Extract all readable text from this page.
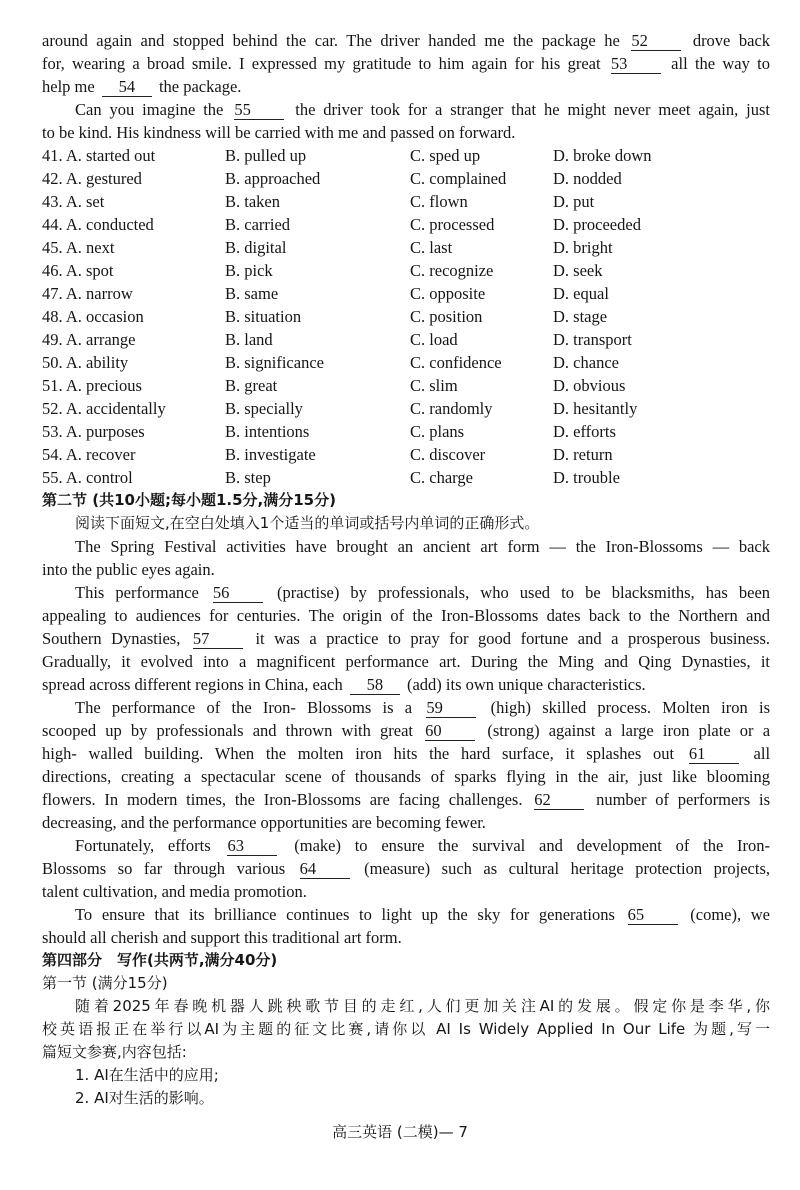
around again and stopped behind the car. The driver handed me the package he 52	drove back
for, wearing a broad smile. I expressed my gratitude to him again for his great 53	all the way to
help me 54 the package.
Can you imagine the 55	the driver took for a stranger that he might never meet again, just
to be kind. His kindness will be carried with me and passed on forward.
41. A. started out	B. pulled up	C. sped up	D. broke down
42. A. gestured	B. approached	C. complained	D. nodded
43. A. set	B. taken	C. flown	D. put
44. A. conducted	B. carried	C. processed	D. proceeded
45. A. next	B. digital	C. last	D. bright
46. A. spot	B. pick	C. recognize	D. seek
47. A. narrow	B. same	C. opposite	D. equal
48. A. occasion	B. situation	C. position	D. stage
49. A. arrange	B. land	C. load	D. transport
50. A. ability	B. significance	C. confidence	D. chance
51. A. precious	B. great	C. slim	D. obvious
52. A. accidentally	B. specially	C. randomly	D. hesitantly
53. A. purposes	B. intentions	C. plans	D. efforts
54. A. recover	B. investigate	C. discover	D. return
55. A. control	B. step	C. charge	D. trouble
第二节 (共10小题;每小题1.5分,满分15分)
阅读下面短文,在空白处填入1个适当的单词或括号内单词的正确形式。
The Spring Festival activities have brought an ancient art form — the Iron-Blossoms — back
into the public eyes again.
This performance 56	(practise) by professionals, who used to be blacksmiths, has been
appealing to audiences for centuries. The origin of the Iron-Blossoms dates back to the Northern and
Southern Dynasties, 57	it was a practice to pray for good fortune and a prosperous business.
Gradually, it evolved into a magnificent performance art. During the Ming and Qing Dynasties, it
spread across different regions in China, each 58 (add) its own unique characteristics.
The performance of the Iron- Blossoms is a 59	(high) skilled process. Molten iron is
scooped up by professionals and thrown with great 60	(strong) against a large iron plate or a
high- walled building. When the molten iron hits the hard surface, it splashes out 61	all
directions, creating a spectacular scene of thousands of sparks flying in the air, just like blooming
flowers. In modern times, the Iron-Blossoms are facing challenges. 62	number of performers is
decreasing, and the performance opportunities are becoming fewer.
Fortunately, efforts 63	(make) to ensure the survival and development of the Iron-
Blossoms so far through various 64	(measure) such as cultural heritage protection projects,
talent cultivation, and media promotion.
To ensure that its brilliance continues to light up the sky for generations 65	(come), we
should all cherish and support this traditional art form.
第四部分　写作(共两节,满分40分)
第一节 (满分15分)
随着2025年春晚机器人跳秧歌节目的走红,人们更加关注AI的发展。假定你是李华,你
校英语报正在举行以AI为主题的征文比赛,请你以 AI Is Widely Applied In Our Life 为题,写一
篇短文参赛,内容包括:
1. AI在生活中的应用;
2. AI对生活的影响。
高三英语 (二模)— 7
